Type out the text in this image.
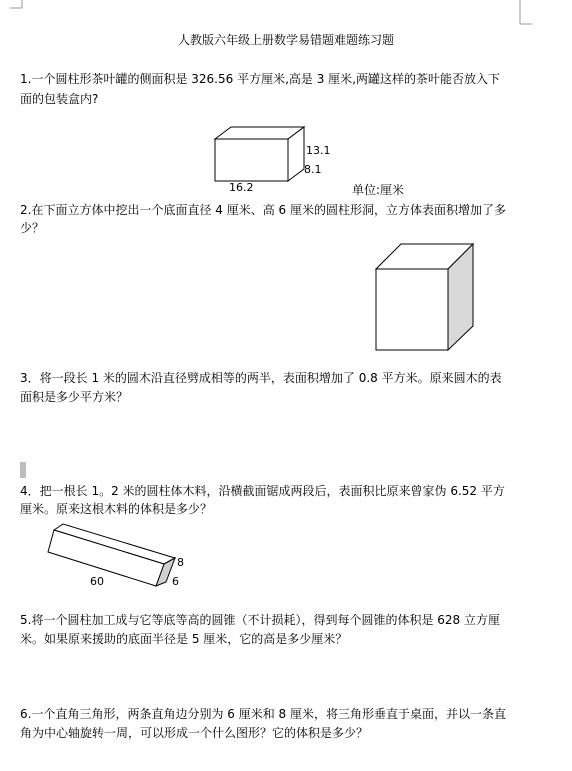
人教版六年级上册数学易错题难题练习题
1.一个圆柱形茶叶罐的侧面积是 326.56 平方厘米,高是 3 厘米,两罐这样的茶叶能否放入下
面的包装盒内?
13.1
8.1
16.2	单位:厘米
2.在下面立方体中挖出一个底面直径 4 厘米、高 6 厘米的圆柱形洞，立方体表面积增加了多
少？
3．将一段长 1 米的圆木沿直径劈成相等的两半，表面积增加了 0.8 平方米。原来圆木的表
面积是多少平方米？
4．把一根长 1。2 米的圆柱体木料，沿横截面锯成两段后，表面积比原来曾家伪 6.52 平方
厘米。原来这根木料的体积是多少？
8
60	6
5.将一个圆柱加工成与它等底等高的圆锥（不计损耗），得到每个圆锥的体积是 628 立方厘
米。如果原来援助的底面半径是 5 厘米，它的高是多少厘米？
6.一个直角三角形，两条直角边分别为 6 厘米和 8 厘米，将三角形垂直于桌面，并以一条直
角为中心轴旋转一周，可以形成一个什么图形？它的体积是多少？
